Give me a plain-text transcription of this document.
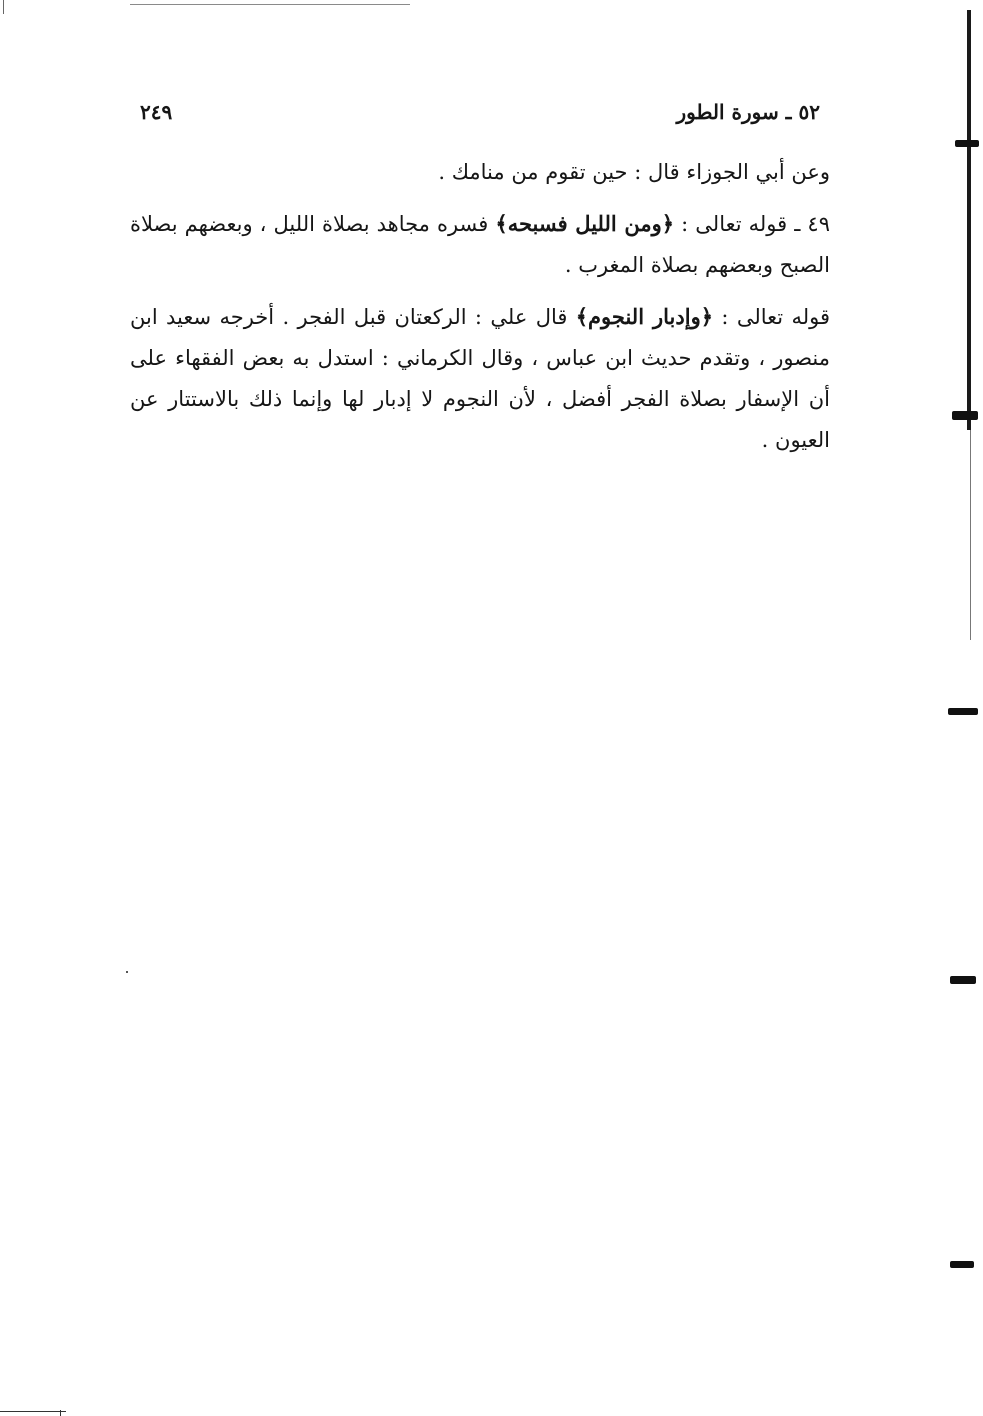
٥٢ ـ سورة الطور
٢٤٩

وعن أبي الجوزاء قال : حين تقوم من منامك .

٤٩ ـ قوله تعالى : ﴿ومن الليل فسبحه﴾ فسره مجاهد بصلاة الليل ، وبعضهم بصلاة الصبح وبعضهم بصلاة المغرب .

قوله تعالى : ﴿وإدبار النجوم﴾ قال علي : الركعتان قبل الفجر . أخرجه سعيد ابن منصور ، وتقدم حديث ابن عباس ، وقال الكرماني : استدل به بعض الفقهاء على أن الإسفار بصلاة الفجر أفضل ، لأن النجوم لا إدبار لها وإنما ذلك بالاستتار عن العيون .
